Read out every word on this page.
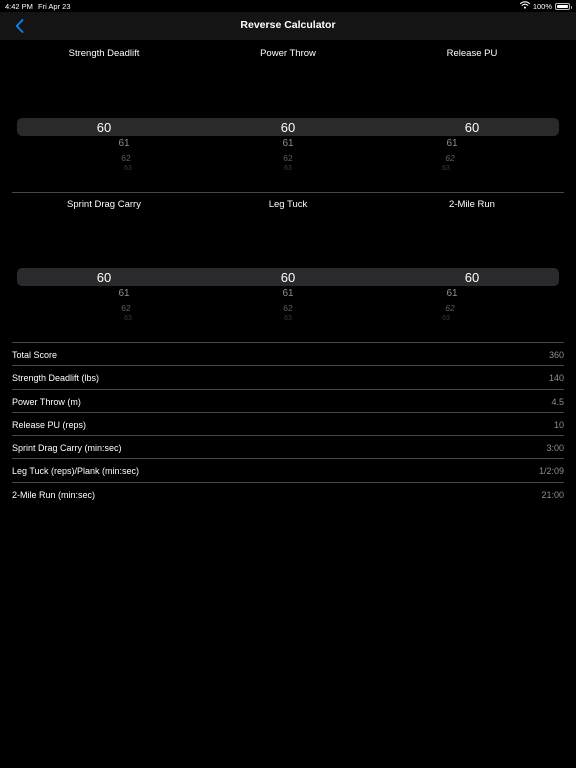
4:42 PM Fri Apr 23	100%
Reverse Calculator
Strength Deadlift	Power Throw	Release PU
60
61
62
63
60
61
62
63
60
61
62
63
Sprint Drag Carry	Leg Tuck	2-Mile Run
60
61
62
63
60
61
62
63
60
61
62
63
Total Score	360
Strength Deadlift (lbs)	140
Power Throw (m)	4.5
Release PU (reps)	10
Sprint Drag Carry (min:sec)	3:00
Leg Tuck (reps)/Plank (min:sec)	1/2:09
2-Mile Run (min:sec)	21:00
